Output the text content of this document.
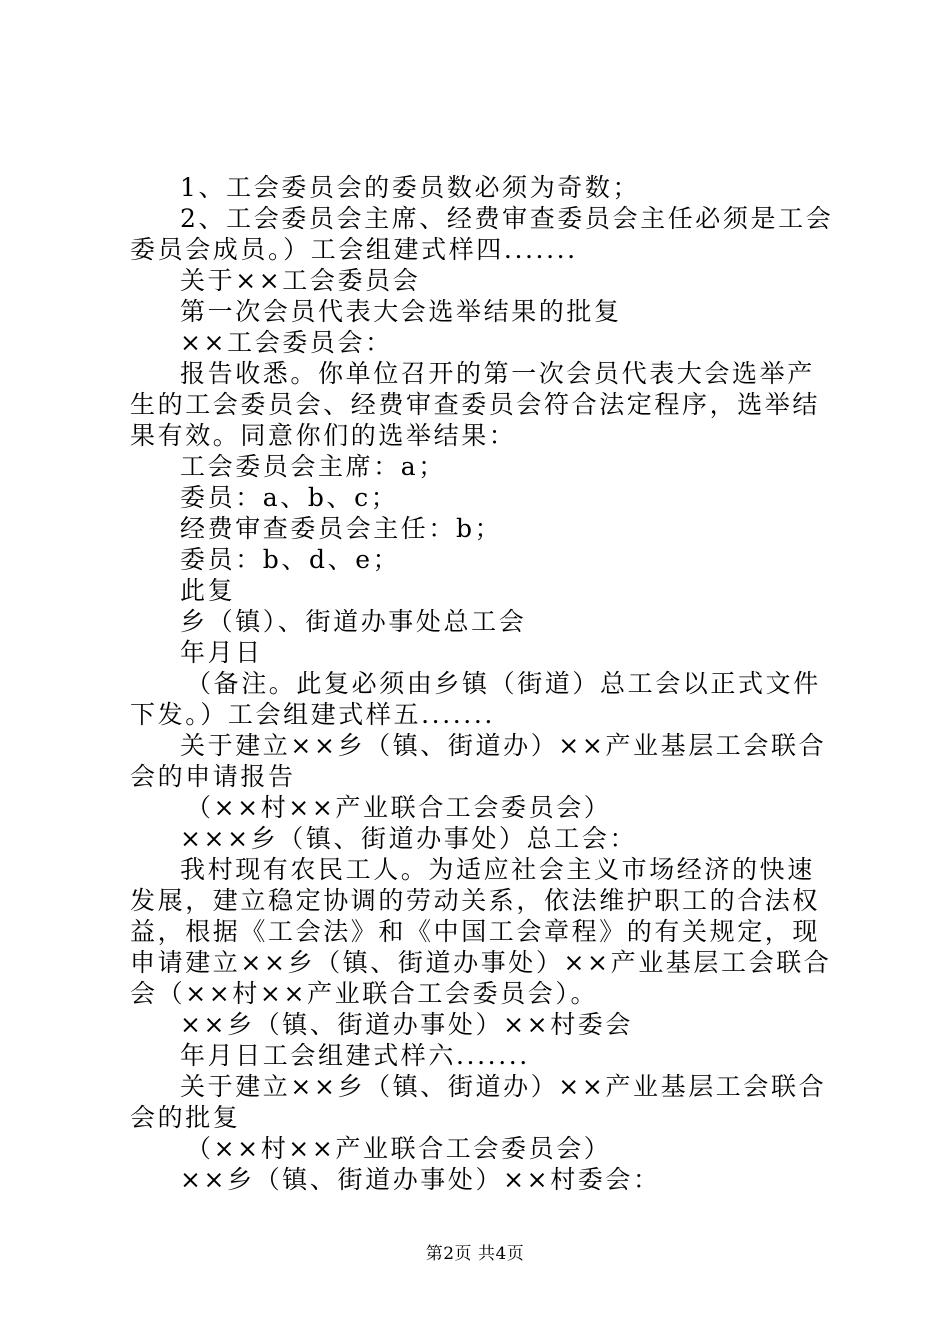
1、工会委员会的委员数必须为奇数；

2、工会委员会主席、经费审查委员会主任必须是工会委员会成员。）工会组建式样四.......

关于××工会委员会

第一次会员代表大会选举结果的批复

××工会委员会：

报告收悉。你单位召开的第一次会员代表大会选举产生的工会委员会、经费审查委员会符合法定程序，选举结果有效。同意你们的选举结果：

工会委员会主席：a；

委员：a、b、c；

经费审查委员会主任：b；

委员：b、d、e；

此复

乡（镇）、街道办事处总工会

年月日

（备注。此复必须由乡镇（街道）总工会以正式文件下发。）工会组建式样五.......

关于建立××乡（镇、街道办）××产业基层工会联合会的申请报告

（××村××产业联合工会委员会）

×××乡（镇、街道办事处）总工会：

我村现有农民工人。为适应社会主义市场经济的快速发展，建立稳定协调的劳动关系，依法维护职工的合法权益，根据《工会法》和《中国工会章程》的有关规定，现申请建立××乡（镇、街道办事处）××产业基层工会联合会（××村××产业联合工会委员会）。

××乡（镇、街道办事处）××村委会

年月日工会组建式样六.......

关于建立××乡（镇、街道办）××产业基层工会联合会的批复

（××村××产业联合工会委员会）

××乡（镇、街道办事处）××村委会：

第2页 共4页
